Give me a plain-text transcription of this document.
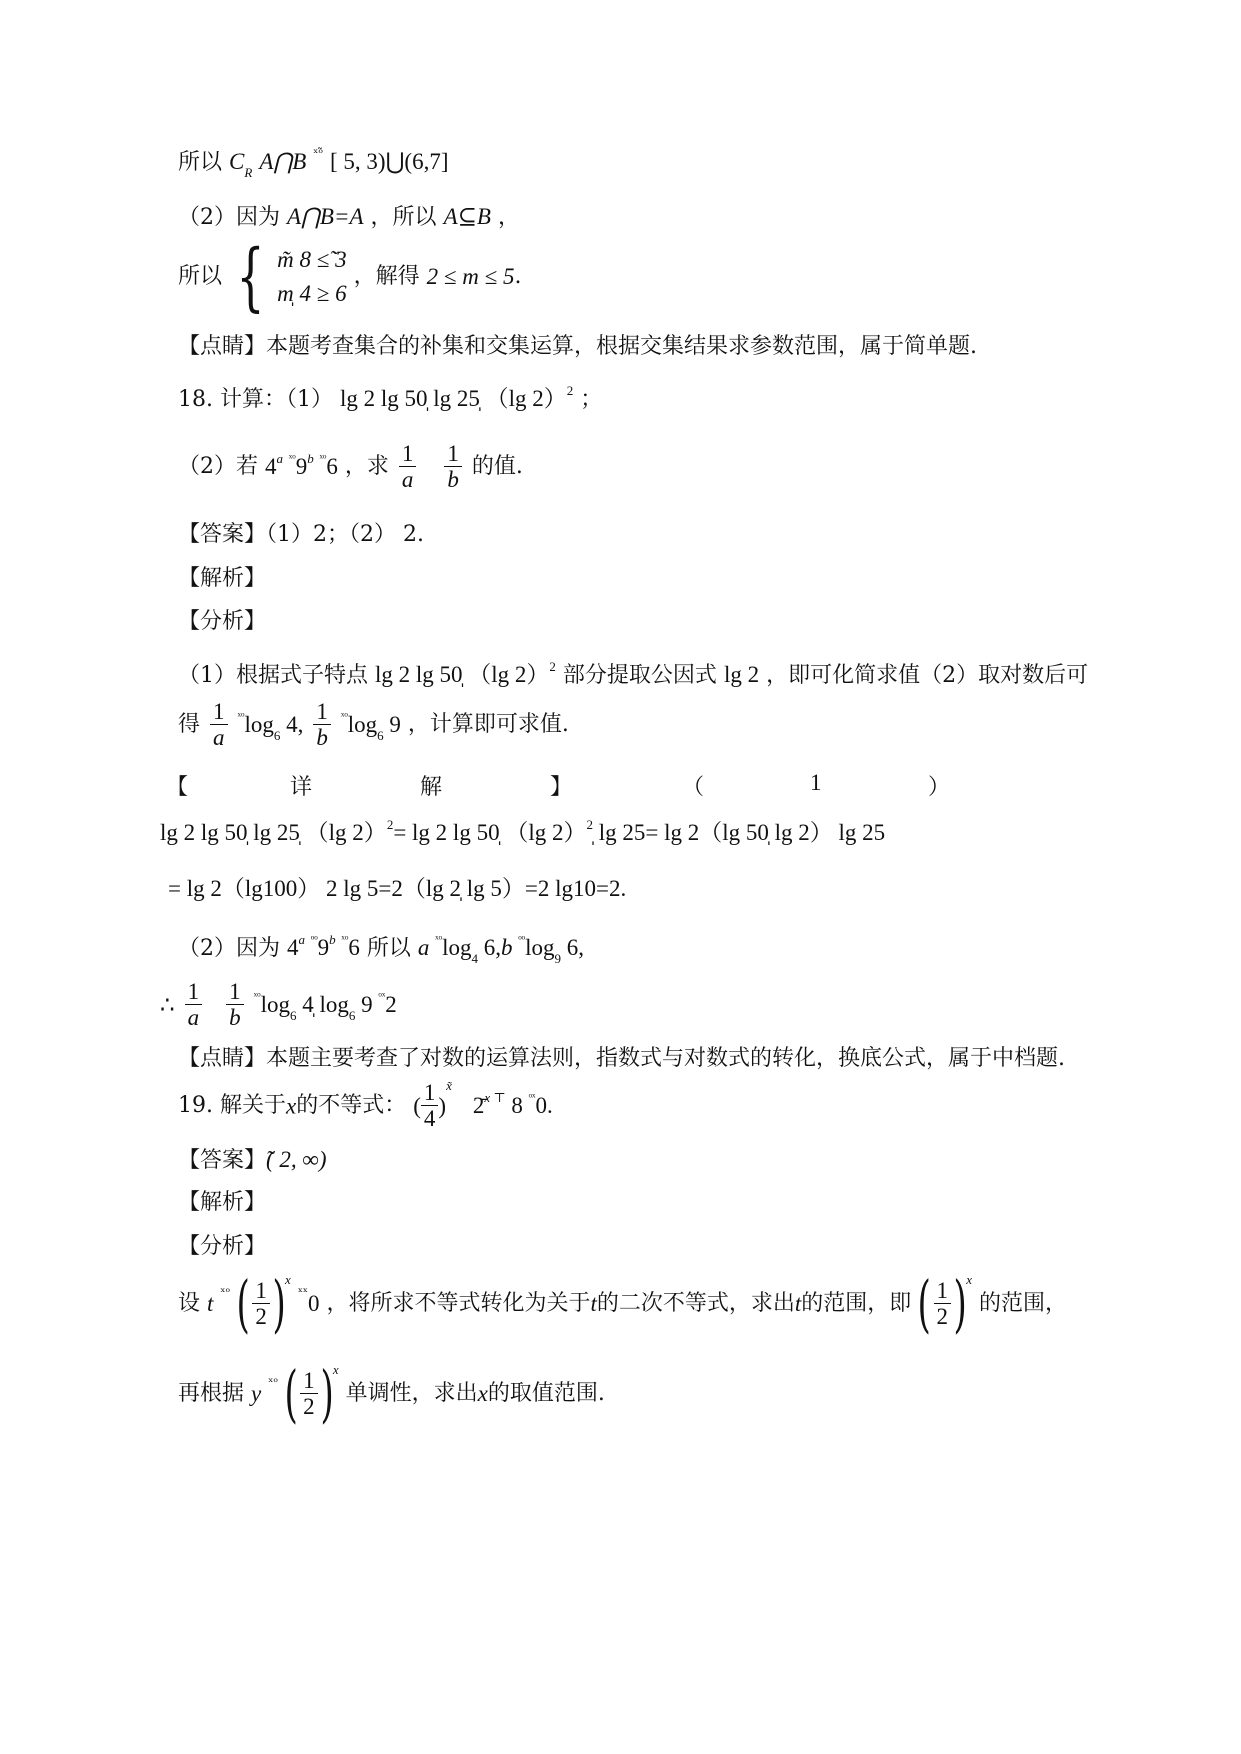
所以 $C_R$ A⋂B $^{ˣᵒ̃}$ [ 5, 3)⋃(6,7]
（2）因为 A⋂B=A ，所以 A⊆B ，
所以 { m̃ 8 ≤̃ 3
m̩ 4 ≥ 6
，解得 2 ≤ m ≤ 5.
【点睛】本题考查集合的补集和交集运算，根据交集结果求参数范围，属于简单题.
18. 计算：（1） lg 2 lg 50̩ lg 25̩ （lg 2）$^2$ ；
（2）若 4$^a$ $^{ˣᵒ}$9$^b$ $^{ˣᵒ}$6 ，求 $\frac{1}{a}$
$\frac{1}{b}$ 的值.
【答案】（1）2；（2） 2.
【解析】
【分析】
（1）根据式子特点 lg 2 lg 50̩ （lg 2）$^2$ 部分提取公因式 lg 2 ，即可化简求值（2）取对数后可
得 $\frac{1}{a} ^{ˣᵒ}\log_6$ 4, $\frac{1}{b} ^{ˣᵒ}\log_6$ 9 ，计算即可求值.
【	详	解	】	（	1	）
lg 2 lg 50̩ lg 25̩ （lg 2）$^2$= lg 2 lg 50̩ （lg 2）$^2$̩ lg 25= lg 2（lg 50̩ lg 2） lg 25
= lg 2（lg100） 2 lg 5=2（lg 2̩ lg 5）=2 lg10=2.
（2）因为 4$^a$ $^{ᵒᵒ}$9$^b$ $^{ˣᵒ}$6 所以 a $^{ˣᵒ}\log_4$ 6,b $^{ᵒᵒ}\log_9$ 6,
∴ $\frac{1}{a}$
$\frac{1}{b} ^{ˣᵒ}\log_6$ 4̩ $\log_6 9$ $^{ᵒˣ}$2
【点睛】本题主要考查了对数的运算法则，指数式与对数式的转化，换底公式，属于中档题.
19. 解关于x的不等式： ( $\frac{1}{4} )^{x̃}$ 2̄$^{x ⊤}$ 8 $^{ᵒˣ}$0.
【答案】̃( 2, ∞)
【解析】
【分析】
设 t $^{ˣᵒ}$ ( $\frac{1}{2} )^x$ $^{ˣˣ}$0 ，将所求不等式转化为关于t的二次不等式，求出t的范围，即 ( $\frac{1}{2} )^x$ 的范围，
再根据 y $^{ˣᵒ}$ ( $\frac{1}{2} )^x$ 单调性，求出x的取值范围.
